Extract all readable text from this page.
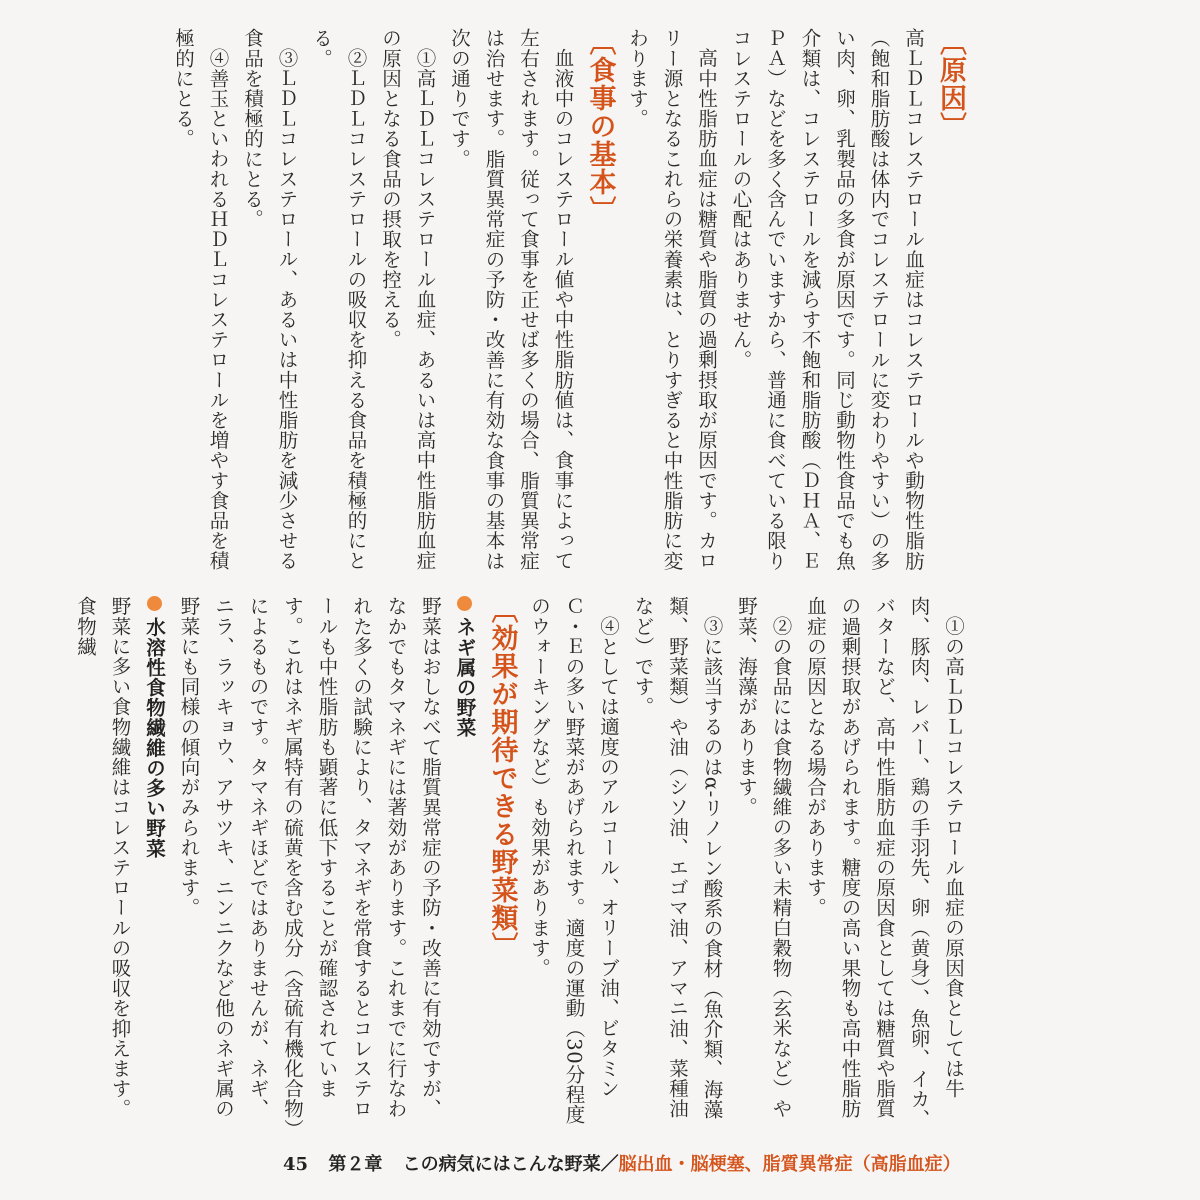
〔原因〕

高ＬＤＬコレステロール血症はコレステロールや動物性脂肪（飽和脂肪酸は体内でコレステロールに変わりやすい）の多い肉、卵、乳製品の多食が原因です。同じ動物性食品でも魚介類は、コレステロールを減らす不飽和脂肪酸（ＤＨＡ、ＥＰＡ）などを多く含んでいますから、普通に食べている限りコレステロールの心配はありません。

高中性脂肪血症は糖質や脂質の過剰摂取が原因です。カロリー源となるこれらの栄養素は、とりすぎると中性脂肪に変わります。

〔食事の基本〕

血液中のコレステロール値や中性脂肪値は、食事によって左右されます。従って食事を正せば多くの場合、脂質異常症は治せます。脂質異常症の予防・改善に有効な食事の基本は次の通りです。

①高ＬＤＬコレステロール血症、あるいは高中性脂肪血症の原因となる食品の摂取を控える。

②ＬＤＬコレステロールの吸収を抑える食品を積極的にとる。

③ＬＤＬコレステロール、あるいは中性脂肪を減少させる食品を積極的にとる。

④善玉といわれるＨＤＬコレステロールを増やす食品を積極的にとる。

①の高ＬＤＬコレステロール血症の原因食としては牛肉、豚肉、レバー、鶏の手羽先、卵（黄身）、魚卵、イカ、バターなど、高中性脂肪血症の原因食としては糖質や脂質の過剰摂取があげられます。糖度の高い果物も高中性脂肪血症の原因となる場合があります。

②の食品には食物繊維の多い未精白穀物（玄米など）や野菜、海藻があります。

③に該当するのはα‐リノレン酸系の食材（魚介類、海藻類、野菜類）や油（シソ油、エゴマ油、アマニ油、菜種油など）です。

④としては適度のアルコール、オリーブ油、ビタミンＣ・Ｅの多い野菜があげられます。適度の運動（30分程度のウォーキングなど）も効果があります。

〔効果が期待できる野菜類〕

ネギ属の野菜

野菜はおしなべて脂質異常症の予防・改善に有効ですが、なかでもタマネギには著効があります。これまでに行なわれた多くの試験により、タマネギを常食するとコレステロールも中性脂肪も顕著に低下することが確認されています。これはネギ属特有の硫黄を含む成分（含硫有機化合物）によるものです。タマネギほどではありませんが、ネギ、ニラ、ラッキョウ、アサツキ、ニンニクなど他のネギ属の野菜にも同様の傾向がみられます。

水溶性食物繊維の多い野菜

野菜に多い食物繊維はコレステロールの吸収を抑えます。食物繊

45 第２章 この病気にはこんな野菜／脳出血・脳梗塞、脂質異常症（高脂血症）
